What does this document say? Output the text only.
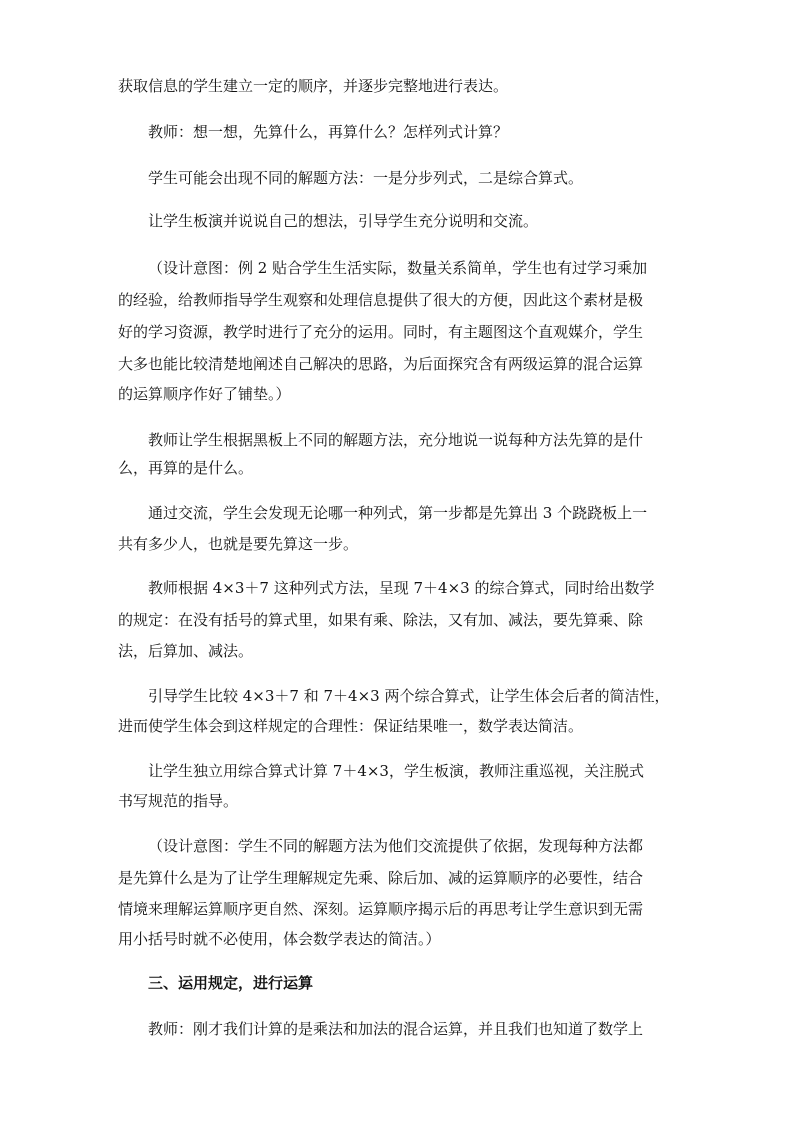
获取信息的学生建立一定的顺序，并逐步完整地进行表达。
教师：想一想，先算什么，再算什么？怎样列式计算？
学生可能会出现不同的解题方法：一是分步列式，二是综合算式。
让学生板演并说说自己的想法，引导学生充分说明和交流。
（设计意图：例 2 贴合学生生活实际，数量关系简单，学生也有过学习乘加
的经验，给教师指导学生观察和处理信息提供了很大的方便，因此这个素材是极
好的学习资源，教学时进行了充分的运用。同时，有主题图这个直观媒介，学生
大多也能比较清楚地阐述自己解决的思路，为后面探究含有两级运算的混合运算
的运算顺序作好了铺垫。）
教师让学生根据黑板上不同的解题方法，充分地说一说每种方法先算的是什
么，再算的是什么。
通过交流，学生会发现无论哪一种列式，第一步都是先算出 3 个跷跷板上一
共有多少人，也就是要先算这一步。
教师根据 4×3＋7 这种列式方法，呈现 7＋4×3 的综合算式，同时给出数学
的规定：在没有括号的算式里，如果有乘、除法，又有加、减法，要先算乘、除
法，后算加、减法。
引导学生比较 4×3＋7 和 7＋4×3 两个综合算式，让学生体会后者的简洁性，
进而使学生体会到这样规定的合理性：保证结果唯一，数学表达简洁。
让学生独立用综合算式计算 7＋4×3，学生板演，教师注重巡视，关注脱式
书写规范的指导。
（设计意图：学生不同的解题方法为他们交流提供了依据，发现每种方法都
是先算什么是为了让学生理解规定先乘、除后加、减的运算顺序的必要性，结合
情境来理解运算顺序更自然、深刻。运算顺序揭示后的再思考让学生意识到无需
用小括号时就不必使用，体会数学表达的简洁。）
三、运用规定，进行运算
教师：刚才我们计算的是乘法和加法的混合运算，并且我们也知道了数学上
